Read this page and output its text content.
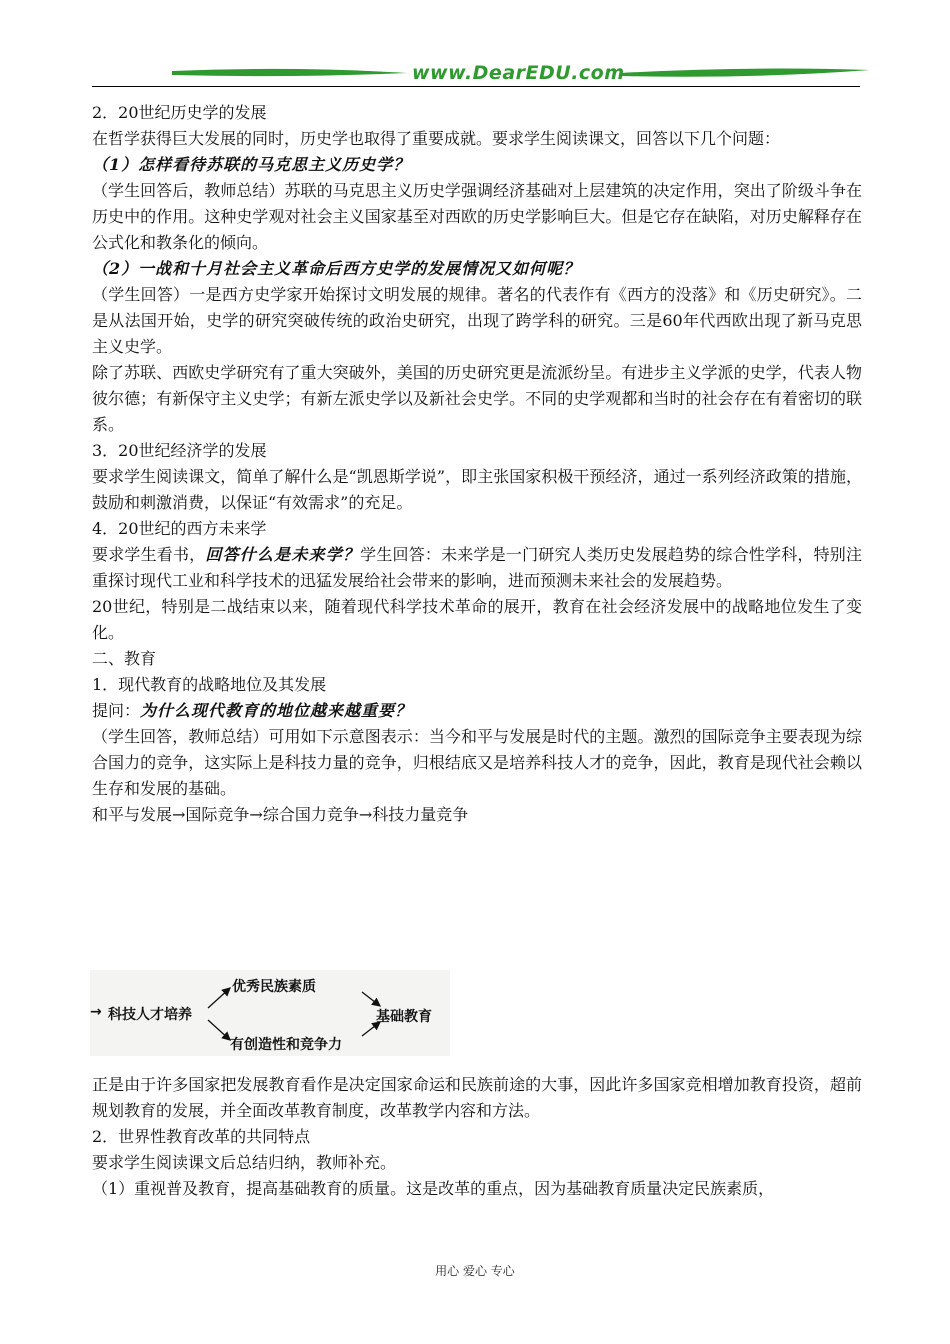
www.DearEDU.com

2．20世纪历史学的发展

在哲学获得巨大发展的同时，历史学也取得了重要成就。要求学生阅读课文，回答以下几个问题：

（1）怎样看待苏联的马克思主义历史学？

（学生回答后，教师总结）苏联的马克思主义历史学强调经济基础对上层建筑的决定作用，突出了阶级斗争在历史中的作用。这种史学观对社会主义国家基至对西欧的历史学影响巨大。但是它存在缺陷，对历史解释存在公式化和教条化的倾向。

（2）一战和十月社会主义革命后西方史学的发展情况又如何呢？

（学生回答）一是西方史学家开始探讨文明发展的规律。著名的代表作有《西方的没落》和《历史研究》。二是从法国开始，史学的研究突破传统的政治史研究，出现了跨学科的研究。三是60年代西欧出现了新马克思主义史学。

除了苏联、西欧史学研究有了重大突破外，美国的历史研究更是流派纷呈。有进步主义学派的史学，代表人物彼尔德；有新保守主义史学；有新左派史学以及新社会史学。不同的史学观都和当时的社会存在有着密切的联系。

3．20世纪经济学的发展

要求学生阅读课文，简单了解什么是“凯恩斯学说”，即主张国家积极干预经济，通过一系列经济政策的措施，鼓励和刺激消费，以保证“有效需求”的充足。

4．20世纪的西方未来学

要求学生看书，回答什么是未来学？学生回答：未来学是一门研究人类历史发展趋势的综合性学科，特别注重探讨现代工业和科学技术的迅猛发展给社会带来的影响，进而预测未来社会的发展趋势。

20世纪，特别是二战结束以来，随着现代科学技术革命的展开，教育在社会经济发展中的战略地位发生了变化。

二、教育

1．现代教育的战略地位及其发展

提问：为什么现代教育的地位越来越重要？

（学生回答，教师总结）可用如下示意图表示：当今和平与发展是时代的主题。激烈的国际竞争主要表现为综合国力的竞争，这实际上是科技力量的竞争，归根结底又是培养科技人才的竞争，因此，教育是现代社会赖以生存和发展的基础。

和平与发展→国际竞争→综合国力竞争→科技力量竞争

→ 科技人才培养
优秀民族素质
有创造性和竞争力
基础教育

正是由于许多国家把发展教育看作是决定国家命运和民族前途的大事，因此许多国家竞相增加教育投资，超前规划教育的发展，并全面改革教育制度，改革教学内容和方法。

2．世界性教育改革的共同特点

要求学生阅读课文后总结归纳，教师补充。

（1）重视普及教育，提高基础教育的质量。这是改革的重点，因为基础教育质量决定民族素质，

用心 爱心 专心
